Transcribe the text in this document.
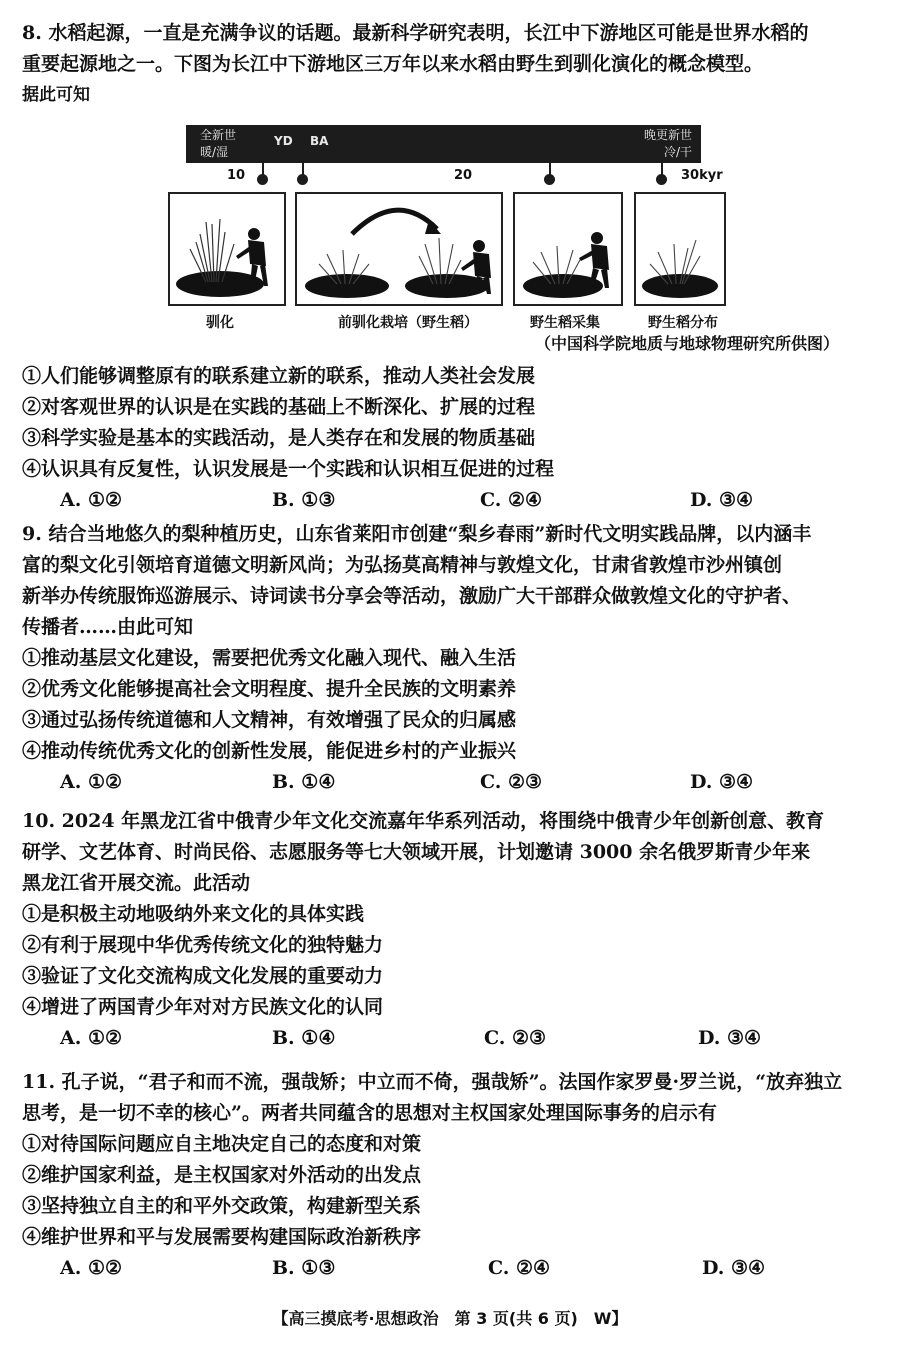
8. 水稻起源，一直是充满争议的话题。最新科学研究表明，长江中下游地区可能是世界水稻的
重要起源地之一。下图为长江中下游地区三万年以来水稻由野生到驯化演化的概念模型。
据此可知
全新世
暖/湿
YD BA	晚更新世
冷/干
10	20	30kyr
驯化	前驯化栽培（野生稻）	野生稻采集	野生稻分布
（中国科学院地质与地球物理研究所供图）
①人们能够调整原有的联系建立新的联系，推动人类社会发展
②对客观世界的认识是在实践的基础上不断深化、扩展的过程
③科学实验是基本的实践活动，是人类存在和发展的物质基础
④认识具有反复性，认识发展是一个实践和认识相互促进的过程
A. ①②	B. ①③	C. ②④	D. ③④
9. 结合当地悠久的梨种植历史，山东省莱阳市创建“梨乡春雨”新时代文明实践品牌，以内涵丰
富的梨文化引领培育道德文明新风尚；为弘扬莫高精神与敦煌文化，甘肃省敦煌市沙州镇创
新举办传统服饰巡游展示、诗词读书分享会等活动，激励广大干部群众做敦煌文化的守护者、
传播者……由此可知
①推动基层文化建设，需要把优秀文化融入现代、融入生活
②优秀文化能够提高社会文明程度、提升全民族的文明素养
③通过弘扬传统道德和人文精神，有效增强了民众的归属感
④推动传统优秀文化的创新性发展，能促进乡村的产业振兴
A. ①②	B. ①④	C. ②③	D. ③④
10. 2024 年黑龙江省中俄青少年文化交流嘉年华系列活动，将围绕中俄青少年创新创意、教育
研学、文艺体育、时尚民俗、志愿服务等七大领域开展，计划邀请 3000 余名俄罗斯青少年来
黑龙江省开展交流。此活动
①是积极主动地吸纳外来文化的具体实践
②有利于展现中华优秀传统文化的独特魅力
③验证了文化交流构成文化发展的重要动力
④增进了两国青少年对对方民族文化的认同
A. ①②	B. ①④	C. ②③	D. ③④
11. 孔子说，“君子和而不流，强哉矫；中立而不倚，强哉矫”。法国作家罗曼·罗兰说，“放弃独立
思考，是一切不幸的核心”。两者共同蕴含的思想对主权国家处理国际事务的启示有
①对待国际问题应自主地决定自己的态度和对策
②维护国家利益，是主权国家对外活动的出发点
③坚持独立自主的和平外交政策，构建新型关系
④维护世界和平与发展需要构建国际政治新秩序
A. ①②	B. ①③	C. ②④	D. ③④
【高三摸底考·思想政治　第 3 页(共 6 页)　W】
